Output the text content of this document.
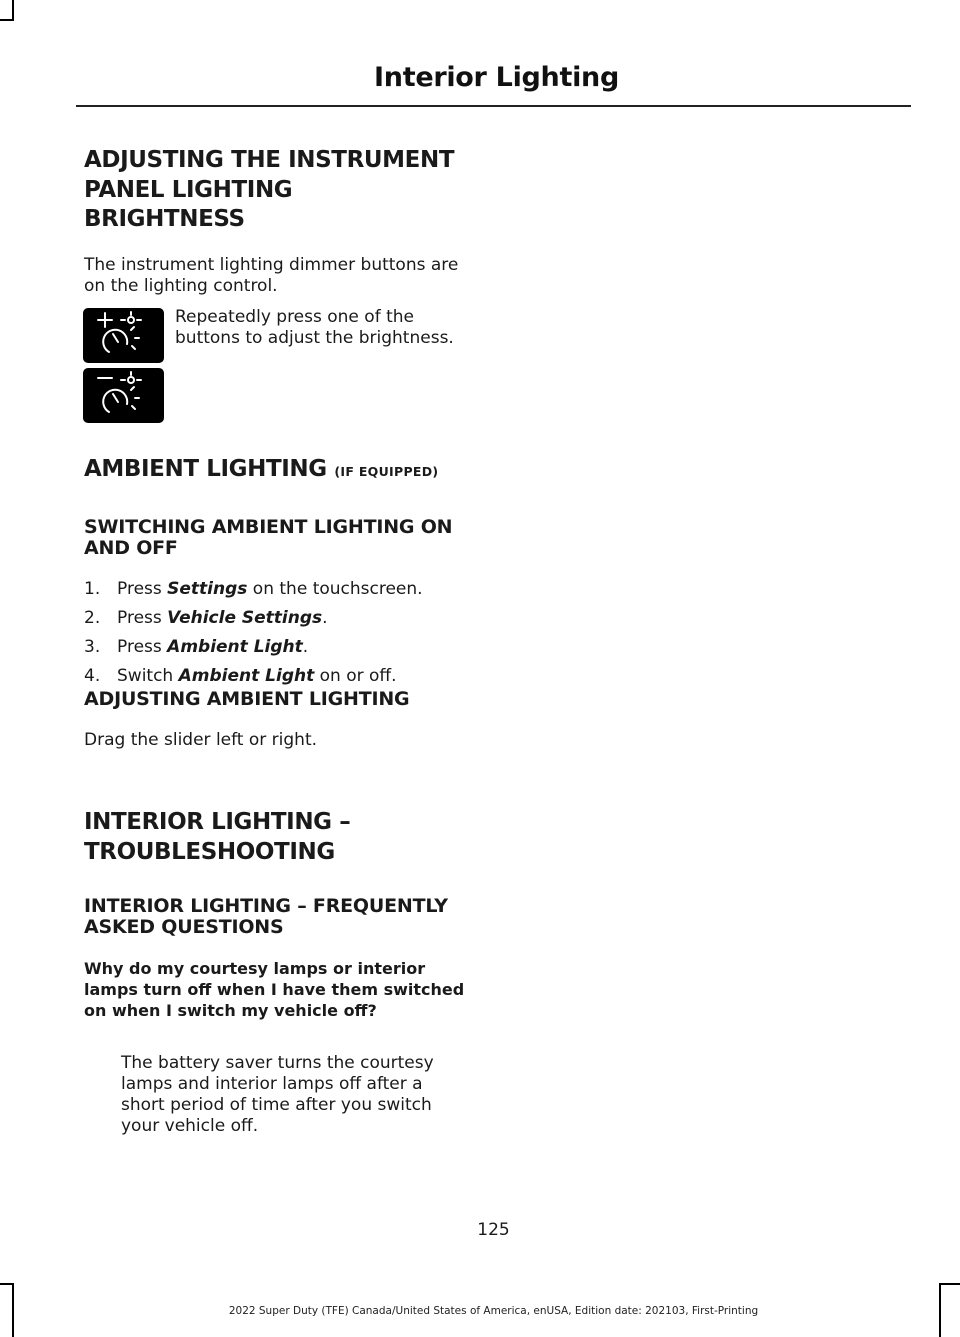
Interior Lighting
ADJUSTING THE INSTRUMENT
PANEL LIGHTING
BRIGHTNESS
The instrument lighting dimmer buttons are on the lighting control.
Repeatedly press one of the buttons to adjust the brightness.
AMBIENT LIGHTING (IF EQUIPPED)
SWITCHING AMBIENT LIGHTING ON AND OFF
1. Press Settings on the touchscreen.
2. Press Vehicle Settings.
3. Press Ambient Light.
4. Switch Ambient Light on or off.
ADJUSTING AMBIENT LIGHTING
Drag the slider left or right.
INTERIOR LIGHTING –
TROUBLESHOOTING
INTERIOR LIGHTING – FREQUENTLY ASKED QUESTIONS
Why do my courtesy lamps or interior lamps turn off when I have them switched on when I switch my vehicle off?
The battery saver turns the courtesy lamps and interior lamps off after a short period of time after you switch your vehicle off.
125
2022 Super Duty (TFE) Canada/United States of America, enUSA, Edition date: 202103, First-Printing
